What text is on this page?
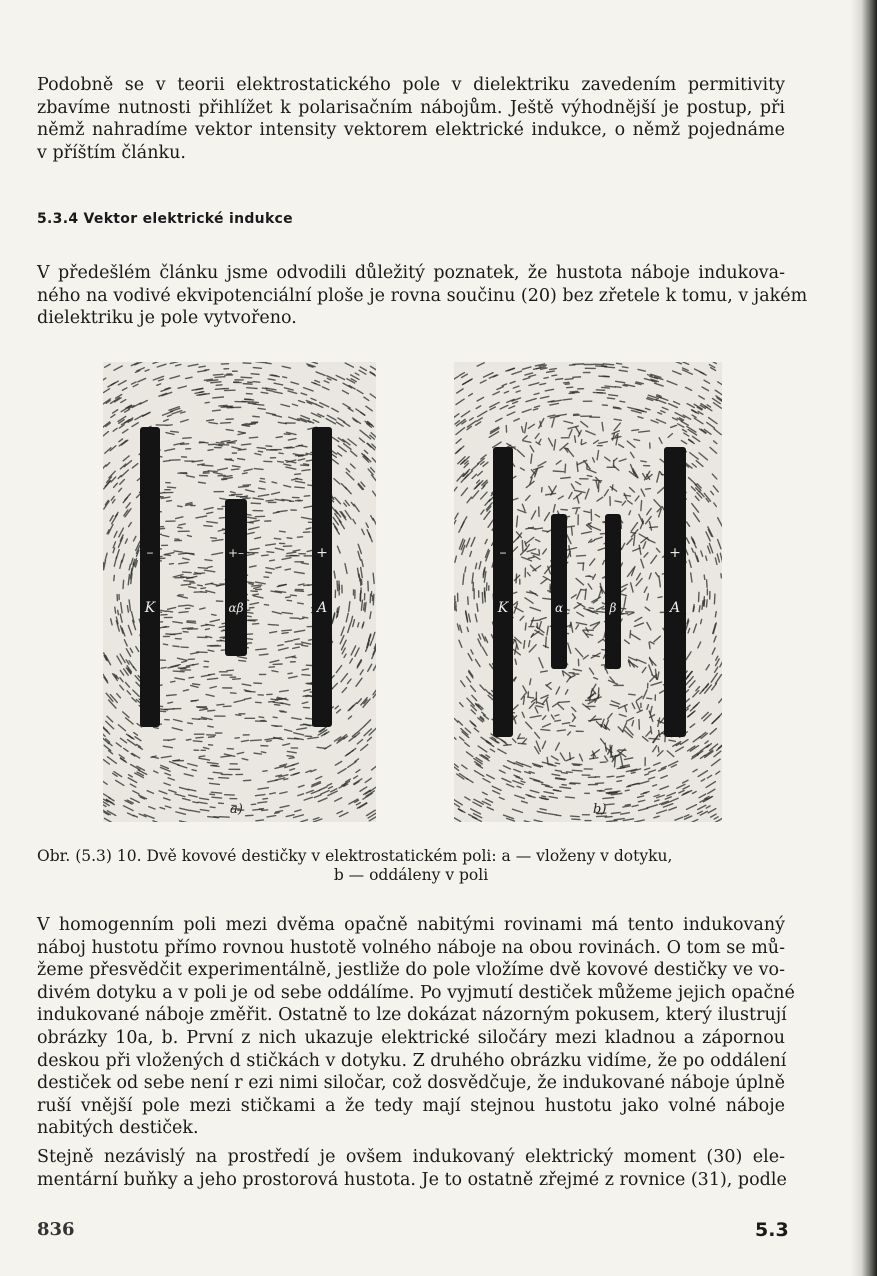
Podobně se v teorii elektrostatického pole v dielektriku zavedením permitivity
zbavíme nutnosti přihlížet k polarisačním nábojům. Ještě výhodnější je postup, při
němž nahradíme vektor intensity vektorem elektrické indukce, o němž pojednáme
v příštím článku.
5.3.4 Vektor elektrické indukce
V předešlém článku jsme odvodili důležitý poznatek, že hustota náboje indukova-
ného na vodivé ekvipotenciální ploše je rovna součinu (20) bez zřetele k tomu, v jakém
dielektriku je pole vytvořeno.
K	A
αβ
–	+
+–
a)
K	A
α	β
–	+
b)
Obr. (5.3) 10. Dvě kovové destičky v elektrostatickém poli: a — vloženy v dotyku,
b — oddáleny v poli
V homogenním poli mezi dvěma opačně nabitými rovinami má tento indukovaný
náboj hustotu přímo rovnou hustotě volného náboje na obou rovinách. O tom se mů-
žeme přesvědčit experimentálně, jestliže do pole vložíme dvě kovové destičky ve vo-
divém dotyku a v poli je od sebe oddálíme. Po vyjmutí destiček můžeme jejich opačné
indukované náboje změřit. Ostatně to lze dokázat názorným pokusem, který ilustrují
obrázky 10a, b. První z nich ukazuje elektrické siločáry mezi kladnou a zápornou
deskou při vložených d stičkách v dotyku. Z druhého obrázku vidíme, že po oddálení
destiček od sebe není r ezi nimi siločar, což dosvědčuje, že indukované náboje úplně
ruší vnější pole mezi stičkami a že tedy mají stejnou hustotu jako volné náboje
nabitých destiček.
Stejně nezávislý na prostředí je ovšem indukovaný elektrický moment (30) ele-
mentární buňky a jeho prostorová hustota. Je to ostatně zřejmé z rovnice (31), podle
836	5.3
